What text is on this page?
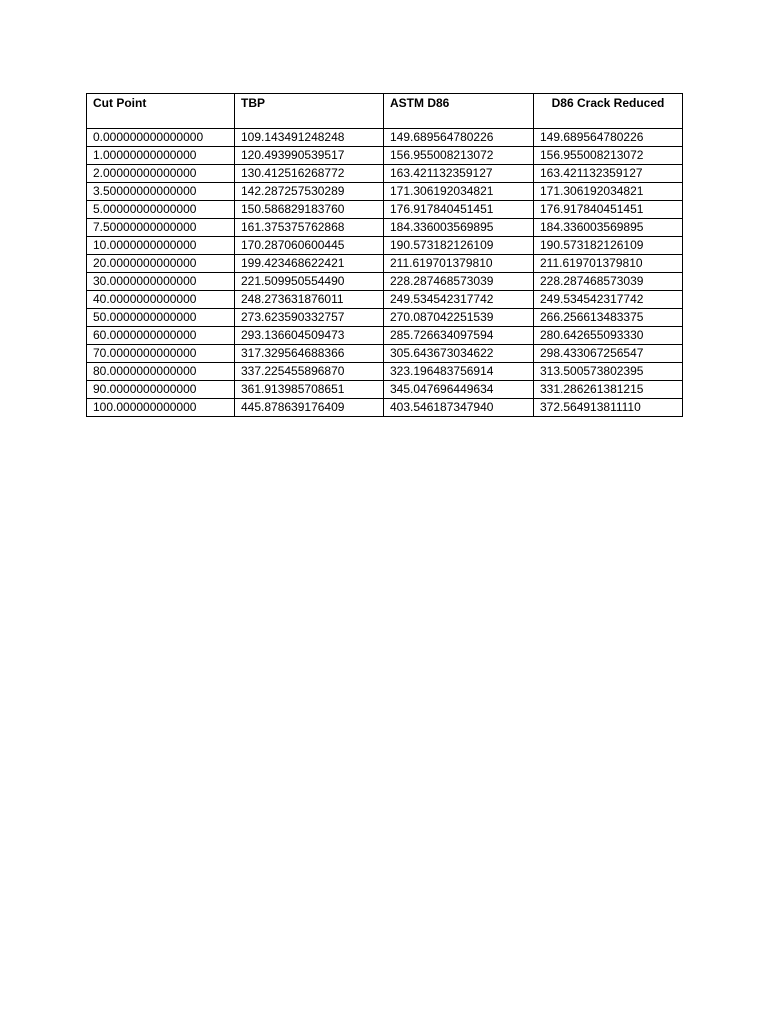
Cut Point	TBP	ASTM D86	D86 Crack Reduced
0.000000000000000	109.143491248248	149.689564780226	149.689564780226
1.00000000000000	120.493990539517	156.955008213072	156.955008213072
2.00000000000000	130.412516268772	163.421132359127	163.421132359127
3.50000000000000	142.287257530289	171.306192034821	171.306192034821
5.00000000000000	150.586829183760	176.917840451451	176.917840451451
7.50000000000000	161.375375762868	184.336003569895	184.336003569895
10.0000000000000	170.287060600445	190.573182126109	190.573182126109
20.0000000000000	199.423468622421	211.619701379810	211.619701379810
30.0000000000000	221.509950554490	228.287468573039	228.287468573039
40.0000000000000	248.273631876011	249.534542317742	249.534542317742
50.0000000000000	273.623590332757	270.087042251539	266.256613483375
60.0000000000000	293.136604509473	285.726634097594	280.642655093330
70.0000000000000	317.329564688366	305.643673034622	298.433067256547
80.0000000000000	337.225455896870	323.196483756914	313.500573802395
90.0000000000000	361.913985708651	345.047696449634	331.286261381215
100.000000000000	445.878639176409	403.546187347940	372.564913811110
